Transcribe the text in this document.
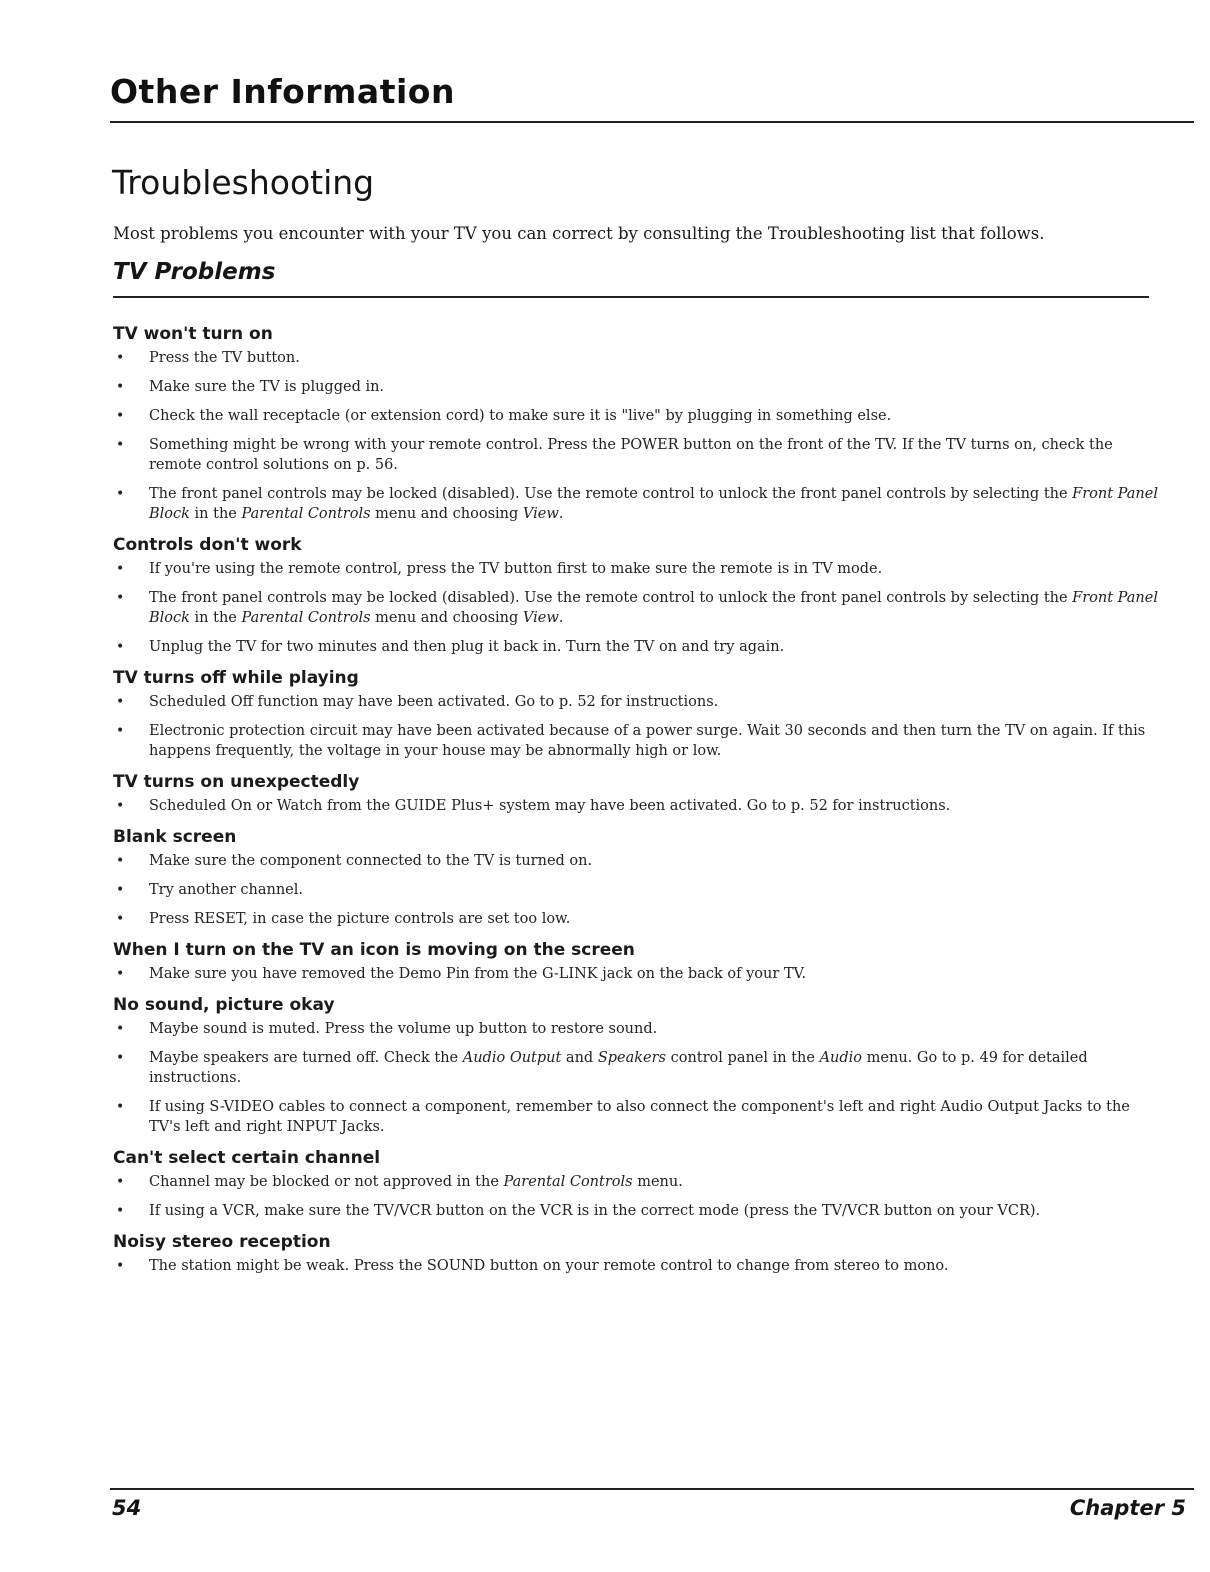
Other Information
Troubleshooting
Most problems you encounter with your TV you can correct by consulting the Troubleshooting list that follows.
TV Problems
TV won't turn on
• Press the TV button.
• Make sure the TV is plugged in.
• Check the wall receptacle (or extension cord) to make sure it is "live" by plugging in something else.
• Something might be wrong with your remote control. Press the POWER button on the front of the TV. If the TV turns on, check the remote control solutions on p. 56.
• The front panel controls may be locked (disabled). Use the remote control to unlock the front panel controls by selecting the Front Panel Block in the Parental Controls menu and choosing View.
Controls don't work
• If you're using the remote control, press the TV button first to make sure the remote is in TV mode.
• The front panel controls may be locked (disabled). Use the remote control to unlock the front panel controls by selecting the Front Panel Block in the Parental Controls menu and choosing View.
• Unplug the TV for two minutes and then plug it back in. Turn the TV on and try again.
TV turns off while playing
• Scheduled Off function may have been activated. Go to p. 52 for instructions.
• Electronic protection circuit may have been activated because of a power surge. Wait 30 seconds and then turn the TV on again. If this happens frequently, the voltage in your house may be abnormally high or low.
TV turns on unexpectedly
• Scheduled On or Watch from the GUIDE Plus+ system may have been activated. Go to p. 52 for instructions.
Blank screen
• Make sure the component connected to the TV is turned on.
• Try another channel.
• Press RESET, in case the picture controls are set too low.
When I turn on the TV an icon is moving on the screen
• Make sure you have removed the Demo Pin from the G-LINK jack on the back of your TV.
No sound, picture okay
• Maybe sound is muted. Press the volume up button to restore sound.
• Maybe speakers are turned off. Check the Audio Output and Speakers control panel in the Audio menu. Go to p. 49 for detailed instructions.
• If using S-VIDEO cables to connect a component, remember to also connect the component's left and right Audio Output Jacks to the TV's left and right INPUT Jacks.
Can't select certain channel
• Channel may be blocked or not approved in the Parental Controls menu.
• If using a VCR, make sure the TV/VCR button on the VCR is in the correct mode (press the TV/VCR button on your VCR).
Noisy stereo reception
• The station might be weak. Press the SOUND button on your remote control to change from stereo to mono.
54	Chapter 5
